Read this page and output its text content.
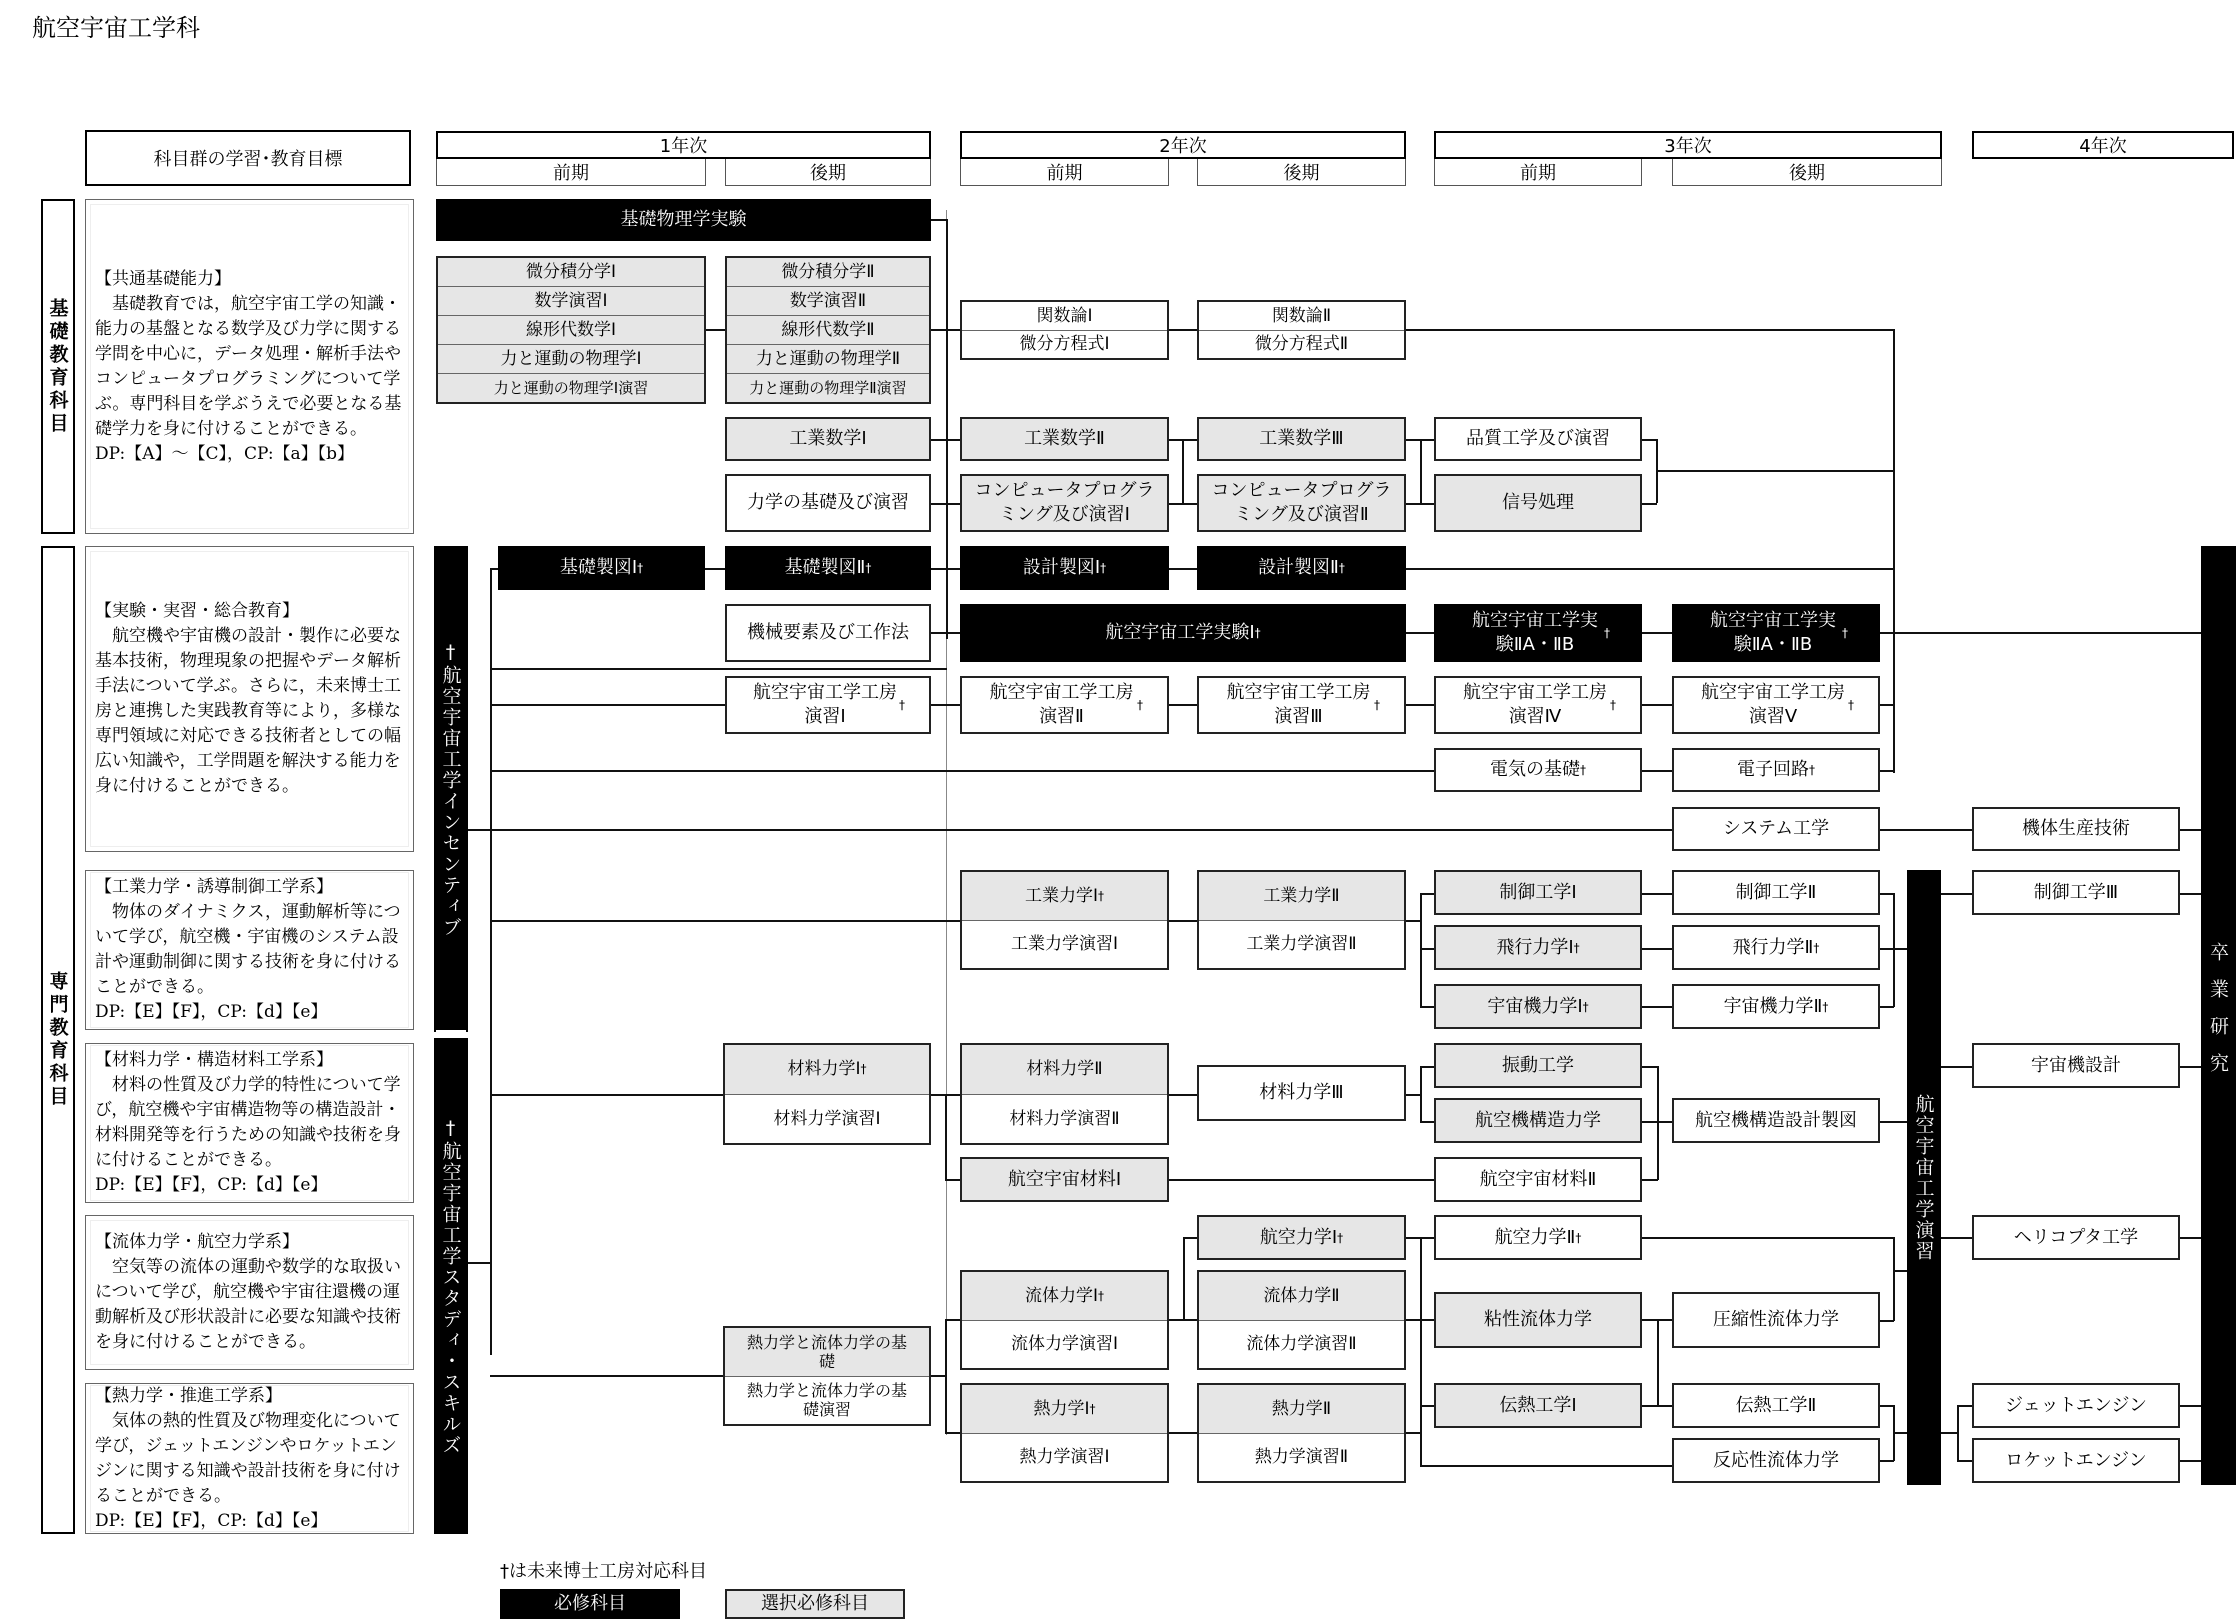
航空宇宙工学科
科目群の学習･教育目標
1年次
前期	後期
2年次
前期	後期
3年次
前期	後期
4年次
基礎教育科目
専門教育科目
【共通基礎能力】
　基礎教育では，航空宇宙工学の知識・能力の基盤となる数学及び力学に関する学問を中心に，データ処理・解析手法やコンピュータプログラミングについて学ぶ。専門科目を学ぶうえで必要となる基礎学力を身に付けることができる。
DP:【A】～【C】，CP:【a】【b】
【実験・実習・総合教育】
　航空機や宇宙機の設計・製作に必要な基本技術，物理現象の把握やデータ解析手法について学ぶ。さらに，未来博士工房と連携した実践教育等により，多様な専門領域に対応できる技術者としての幅広い知識や，工学問題を解決する能力を身に付けることができる。
【工業力学・誘導制御工学系】
　物体のダイナミクス，運動解析等について学び，航空機・宇宙機のシステム設計や運動制御に関する技術を身に付けることができる。
DP:【E】【F】，CP:【d】【e】
【材料力学・構造材料工学系】
　材料の性質及び力学的特性について学び，航空機や宇宙構造物等の構造設計・材料開発等を行うための知識や技術を身に付けることができる。
DP:【E】【F】，CP:【d】【e】
【流体力学・航空力学系】
　空気等の流体の運動や数学的な取扱いについて学び，航空機や宇宙往還機の運動解析及び形状設計に必要な知識や技術を身に付けることができる。
【熱力学・推進工学系】
　気体の熱的性質及び物理変化について学び，ジェットエンジンやロケットエンジンに関する知識や設計技術を身に付けることができる。
DP:【E】【F】，CP:【d】【e】
†航空宇宙工学インセンティブ
†航空宇宙工学スタディ・スキルズ	航空宇宙工学演習
卒業研究
基礎物理学実験
微分積分学Ⅰ
数学演習Ⅰ
線形代数学Ⅰ
力と運動の物理学Ⅰ
力と運動の物理学Ⅰ演習
微分積分学Ⅱ
数学演習Ⅱ
線形代数学Ⅱ
力と運動の物理学Ⅱ
力と運動の物理学Ⅱ演習
関数論Ⅰ
微分方程式Ⅰ
関数論Ⅱ
微分方程式Ⅱ
工業数学Ⅰ	工業数学Ⅱ	工業数学Ⅲ	品質工学及び演習
力学の基礎及び演習
コンピュータプログラミング及び演習Ⅰ
コンピュータプログラミング及び演習Ⅱ
信号処理
基礎製図Ⅰ †	基礎製図Ⅱ †	設計製図Ⅰ †	設計製図Ⅱ †
機械要素及び工作法	航空宇宙工学実験Ⅰ †
航空宇宙工学実験ⅡA・ⅡB
†
航空宇宙工学実験ⅡA・ⅡB
†
航空宇宙工学工房演習Ⅰ
†
航空宇宙工学工房演習Ⅱ
†
航空宇宙工学工房演習Ⅲ
†
航空宇宙工学工房演習Ⅳ
†
航空宇宙工学工房演習Ⅴ
†
電気の基礎 †	電子回路 †
システム工学	機体生産技術
工業力学Ⅰ †
工業力学演習Ⅰ
工業力学Ⅱ
工業力学演習Ⅱ
制御工学Ⅰ	制御工学Ⅱ	制御工学Ⅲ
飛行力学Ⅰ †	飛行力学Ⅱ †
宇宙機力学Ⅰ †	宇宙機力学Ⅱ †
材料力学Ⅰ †
材料力学演習Ⅰ
材料力学Ⅱ
材料力学演習Ⅱ
材料力学Ⅲ
振動工学
航空機構造力学	航空機構造設計製図
宇宙機設計
航空宇宙材料Ⅰ	航空宇宙材料Ⅱ
航空力学Ⅰ †	航空力学Ⅱ †	ヘリコプタ工学
流体力学Ⅰ †
流体力学演習Ⅰ
流体力学Ⅱ
流体力学演習Ⅱ
粘性流体力学	圧縮性流体力学
熱力学と流体力学の基礎
熱力学と流体力学の基礎演習	熱力学Ⅰ †
熱力学演習Ⅰ
熱力学Ⅱ
熱力学演習Ⅱ
伝熱工学Ⅰ	伝熱工学Ⅱ
反応性流体力学
ジェットエンジン
ロケットエンジン
†は未来博士工房対応科目
必修科目	選択必修科目
